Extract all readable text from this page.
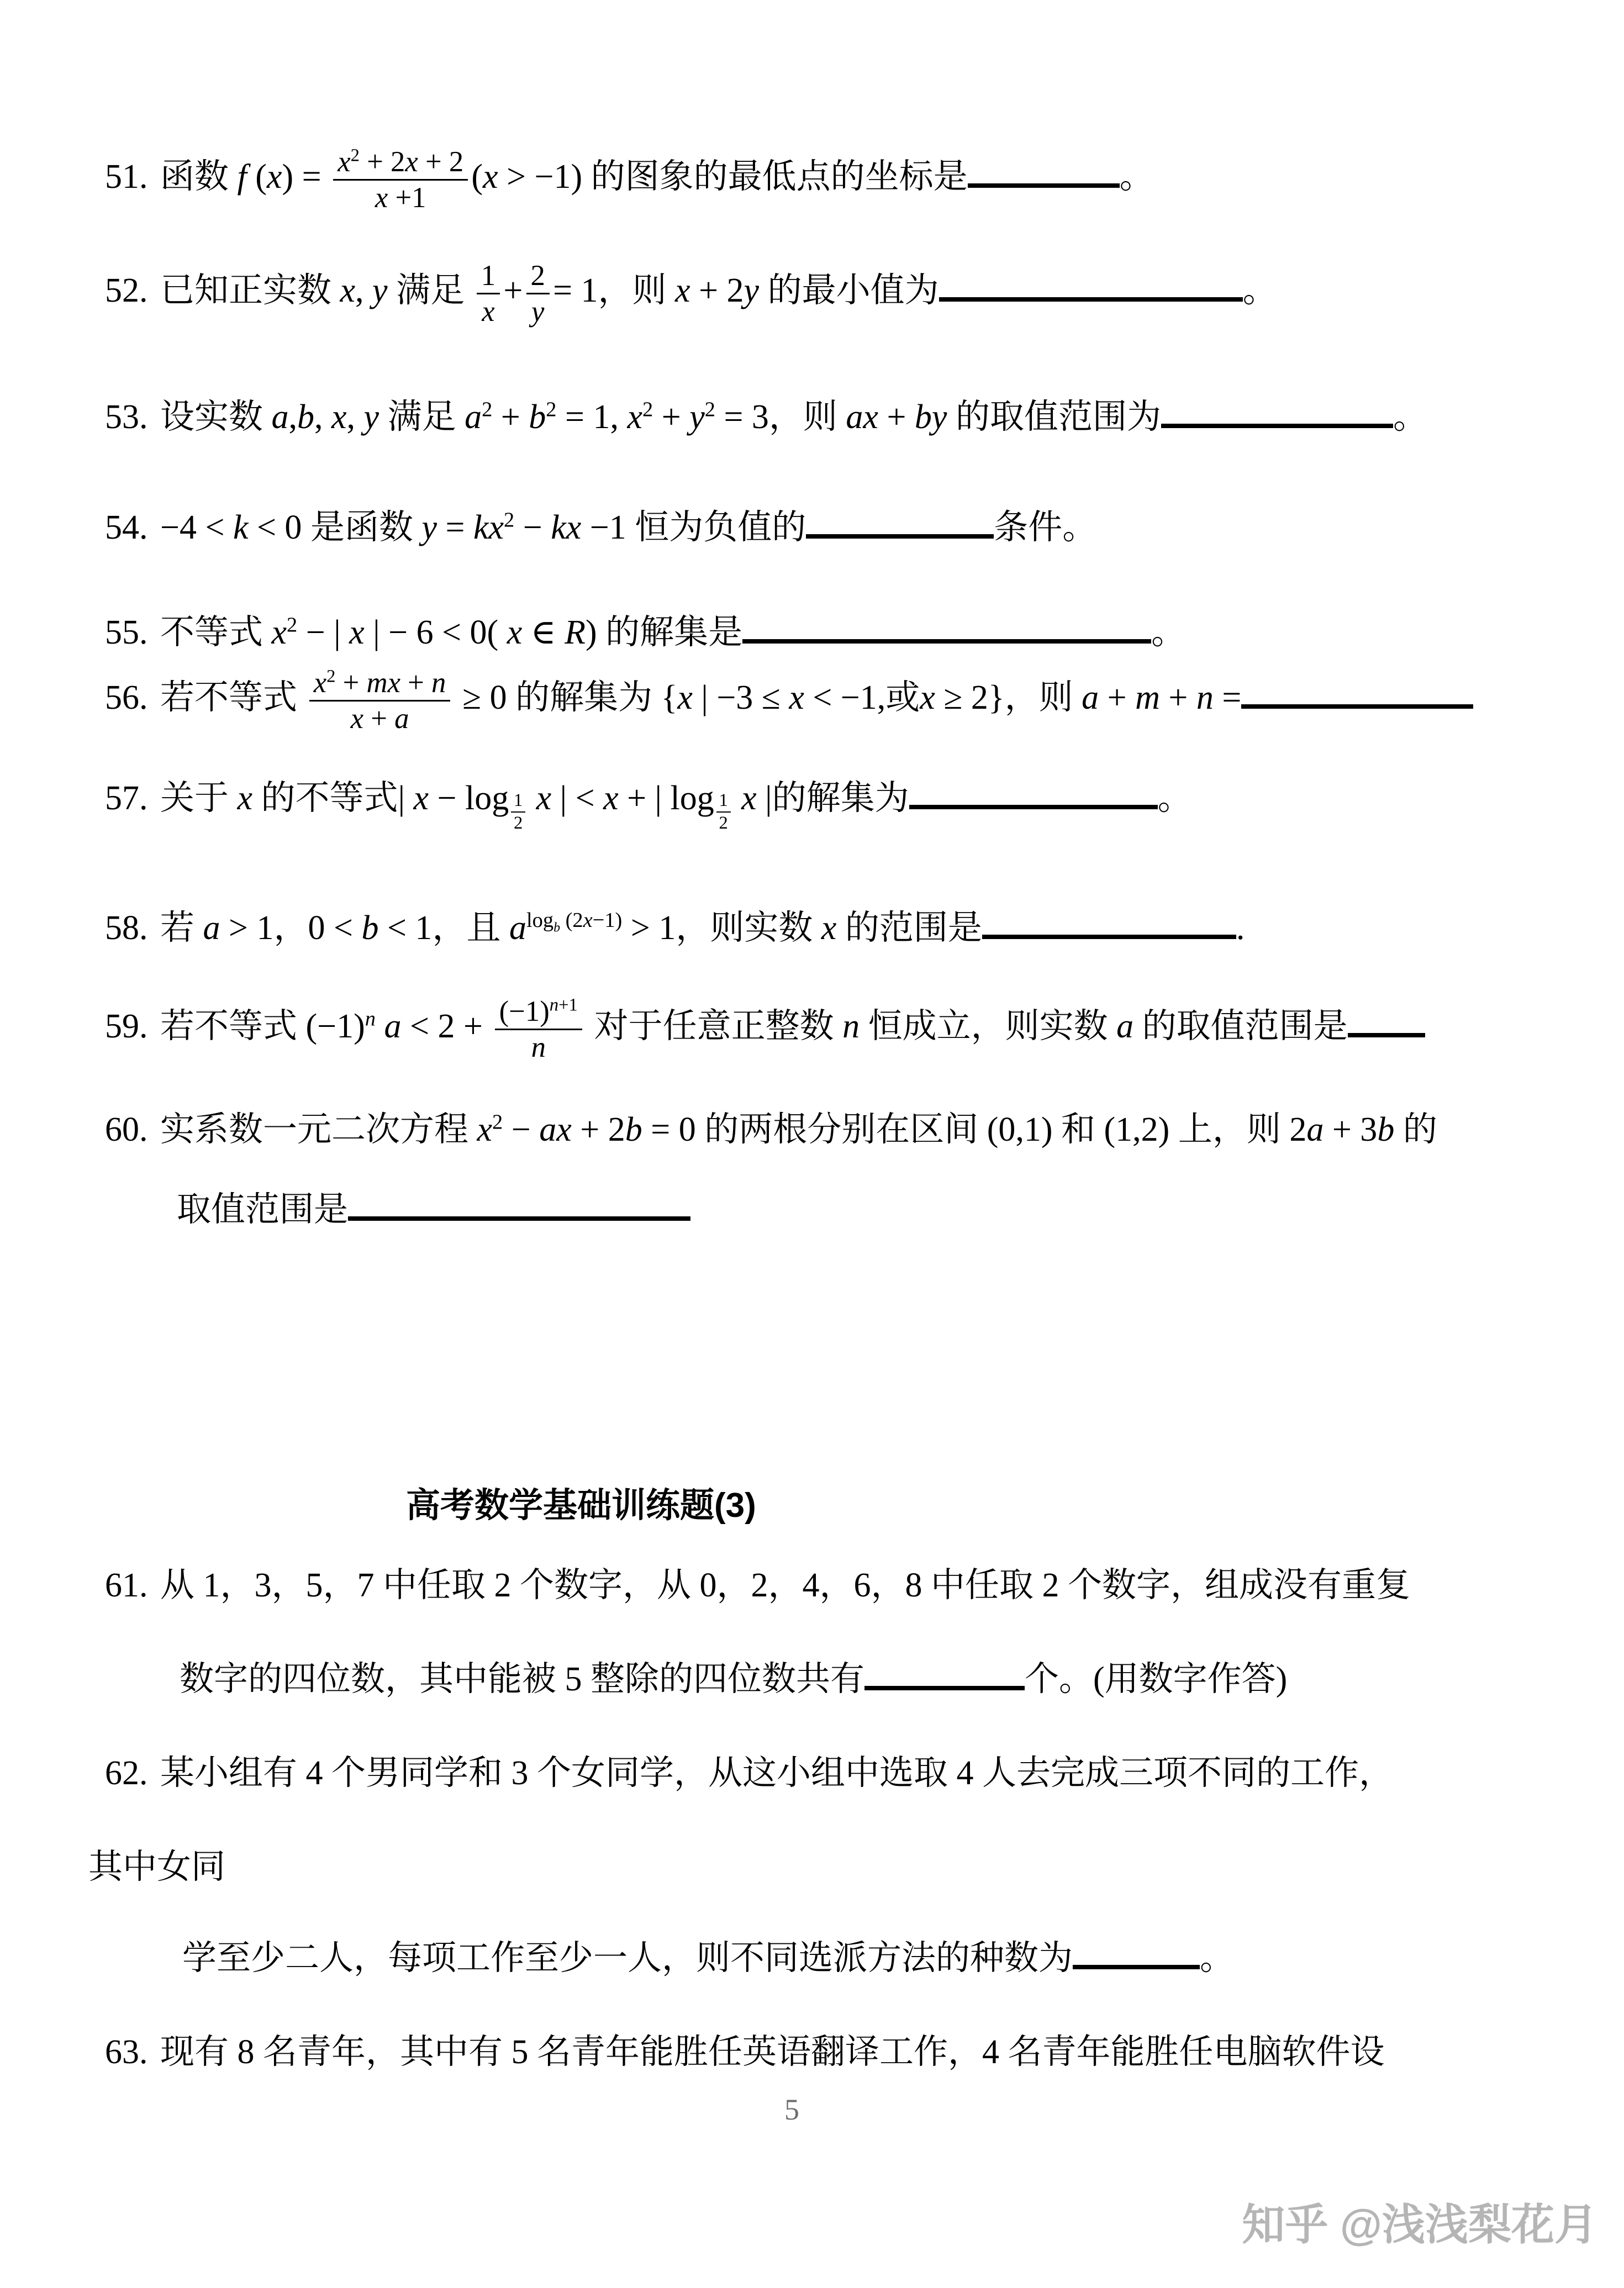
高考数学基础训练题(3)
51. 函数 f $(x) = \frac{x^2 + 2x + 2}{x +1} (x > -1)$ 的图象的最低点的坐标是	。
52. 已知正实数 x, y 满足 $\frac{1}{x} + \frac{2}{y} = 1$，则 x + 2y 的最小值为	。
53. 设实数 a,b, x, y 满足 $a^2 + b^2 = 1$, $x^2 + y^2 = 3$，则 ax + by 的取值范围为	。
54. −4 < k < 0 是函数 $y = kx^2$ − kx −1 恒为负值的	条件。
55. 不等式 $x^2$ − | x | − 6 < 0( x ∈ R) 的解集是	。
56. 若不等式 $\frac{x^2 + mx + n}{x + a} \ge 0$ 的解集为 {x | −3 ≤ x < −1,或x ≥ 2}，则 a + m + n =
57. 关于 x 的不等式| x − log $_{\frac{1}{2}}$ x | < x + | log $_{\frac{1}{2}}$ x |的解集为	。
58. 若 a > 1，0 < b < 1，且 $a^{log_b (2x-1)} > 1$，则实数 x 的范围是	.
59. 若不等式 $(-1)^n$ $a < 2 + \frac{(-1)^{n+1}}{n}$ 对于任意正整数 n 恒成立，则实数 a 的取值范围是
60. 实系数一元二次方程 $x^2$ − ax + 2b = 0 的两根分别在区间 (0,1) 和 (1,2) 上，则 2a + 3b 的
取值范围是
61. 从 1，3，5，7 中任取 2 个数字，从 0，2，4，6，8 中任取 2 个数字，组成没有重复
数字的四位数，其中能被 5 整除的四位数共有	个。(用数字作答)
62. 某小组有 4 个男同学和 3 个女同学，从这小组中选取 4 人去完成三项不同的工作，
其中女同
学至少二人，每项工作至少一人，则不同选派方法的种数为	。
63. 现有 8 名青年，其中有 5 名青年能胜任英语翻译工作，4 名青年能胜任电脑软件设
5
知乎 @浅浅梨花月
